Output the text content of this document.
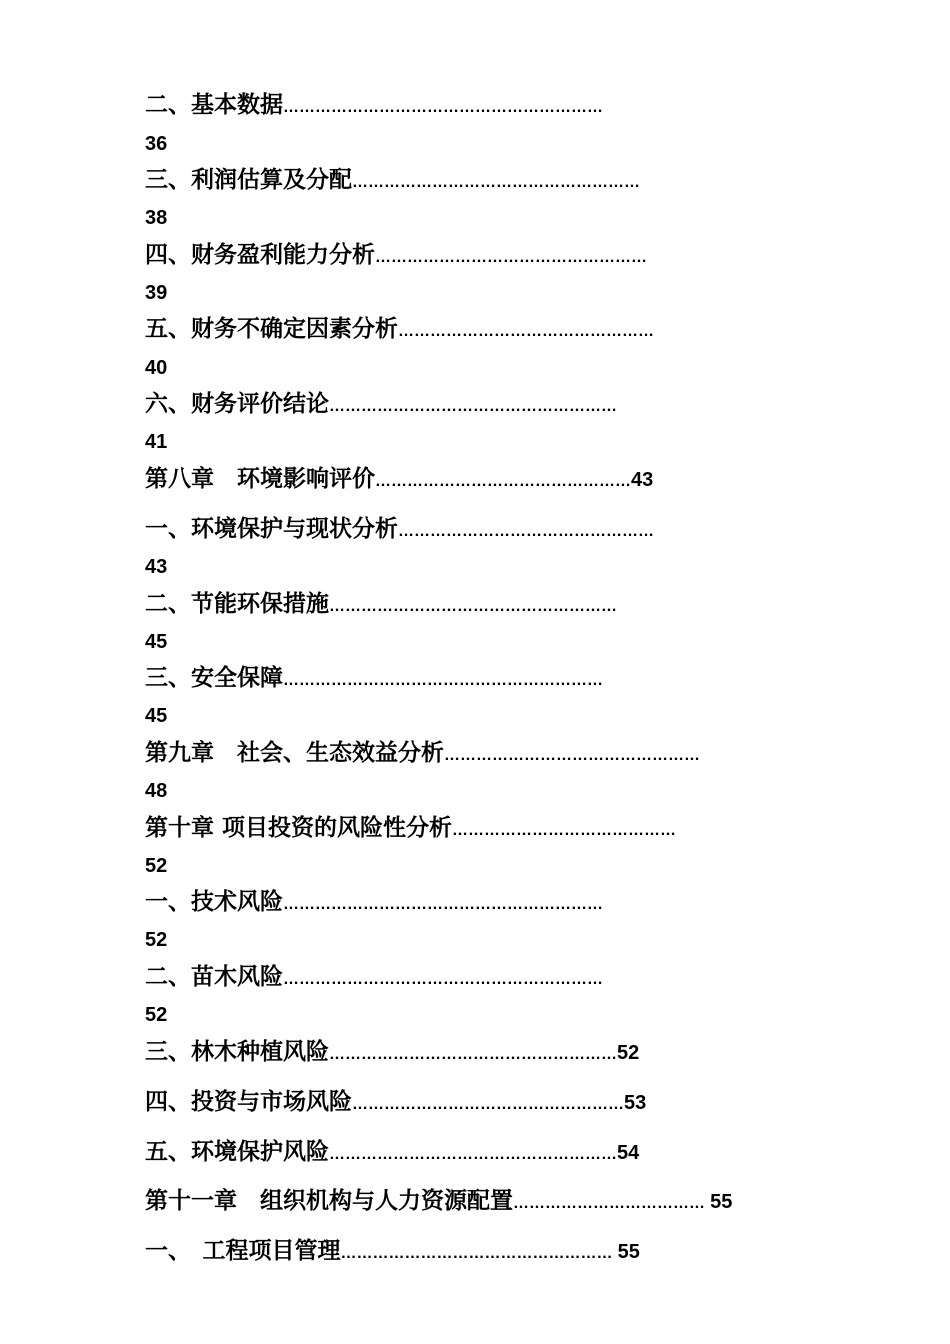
二、基本数据……………………………………………………
36
三、利润估算及分配………………………………………………
38
四、财务盈利能力分析……………………………………………
39
五、财务不确定因素分析…………………………………………
40
六、财务评价结论………………………………………………
41
第八章　环境影响评价…………………………………………43
一、环境保护与现状分析…………………………………………
43
二、节能环保措施………………………………………………
45
三、安全保障……………………………………………………
45
第九章　社会、生态效益分析…………………………………………
48
第十章 项目投资的风险性分析……………………………………
52
一、技术风险……………………………………………………
52
二、苗木风险……………………………………………………
52
三、林木种植风险………………………………………………52
四、投资与市场风险……………………………………………53
五、环境保护风险………………………………………………54
第十一章　组织机构与人力资源配置……………………………… 55
一、　工程项目管理…………………………………………… 55
